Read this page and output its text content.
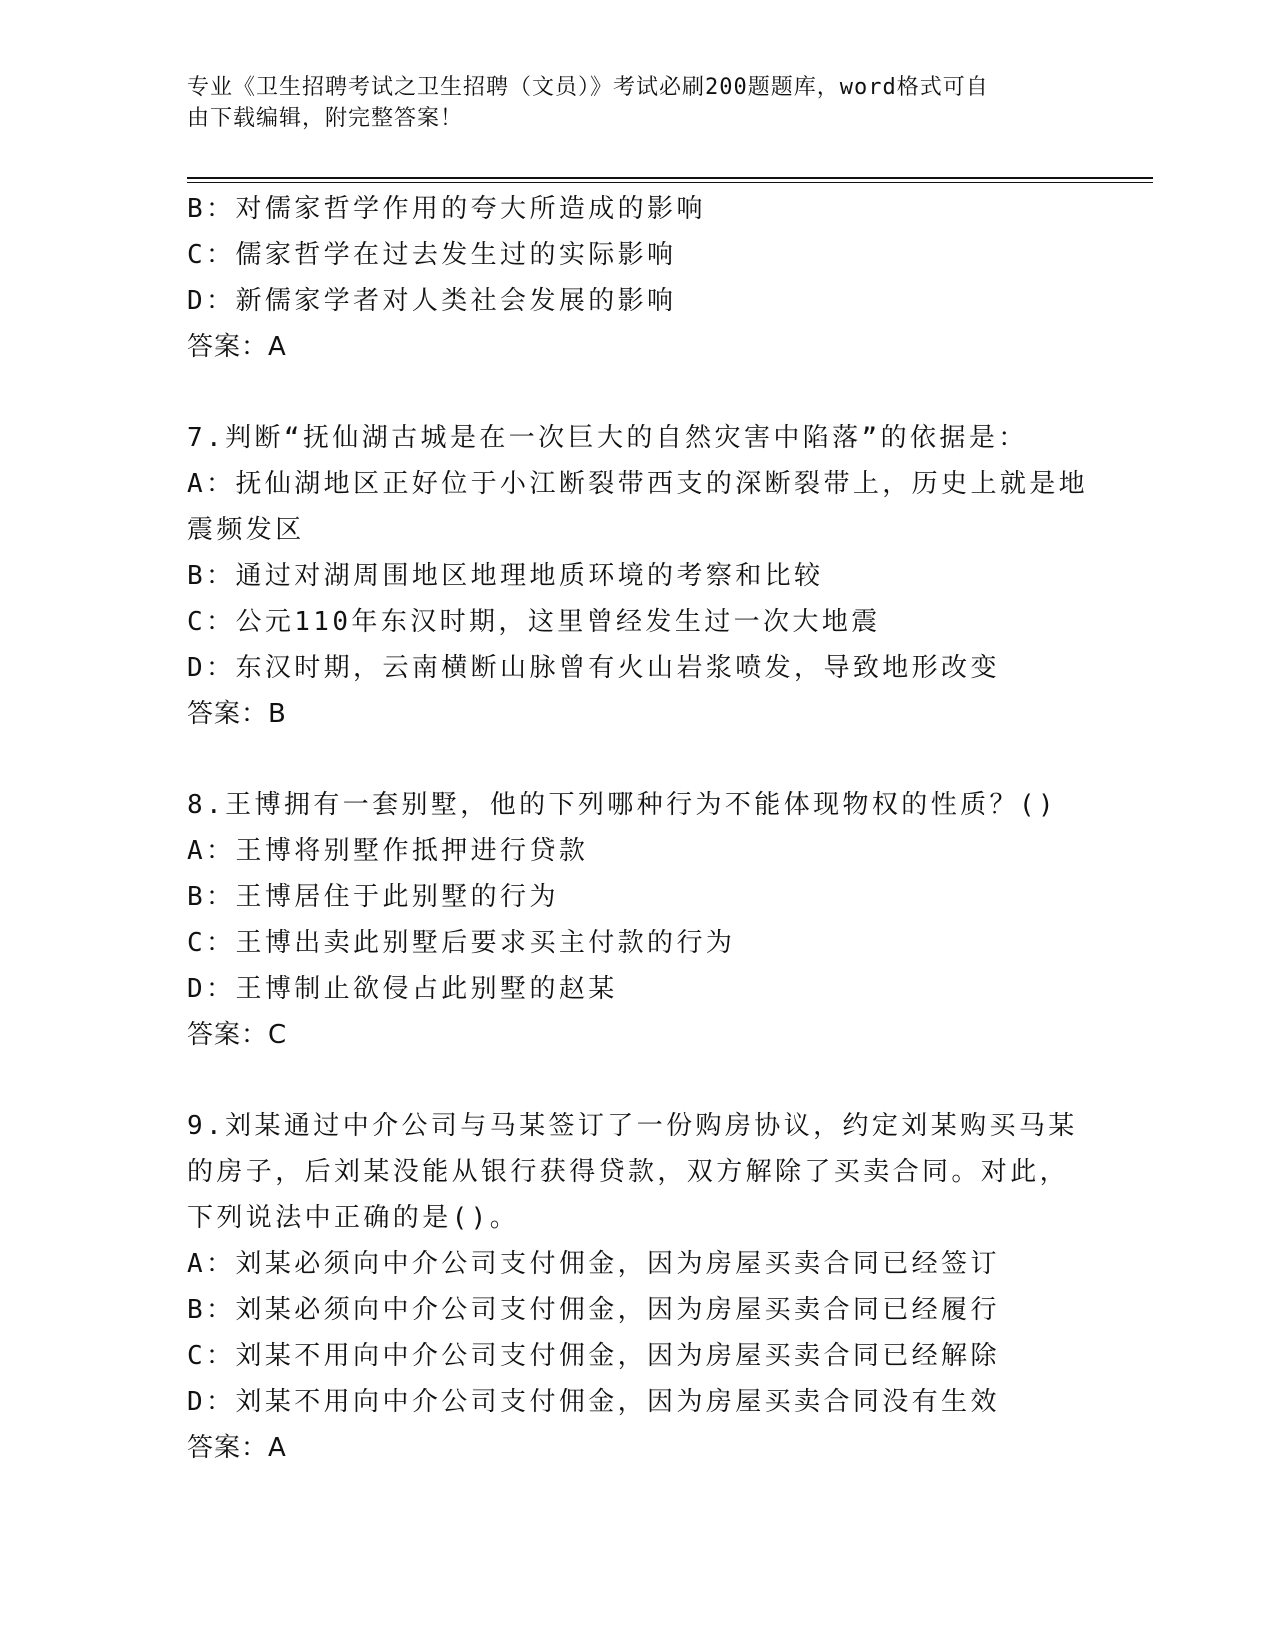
专业《卫生招聘考试之卫生招聘（文员）》考试必刷200题题库，word格式可自
由下载编辑，附完整答案！
B：对儒家哲学作用的夸大所造成的影响
C：儒家哲学在过去发生过的实际影响
D：新儒家学者对人类社会发展的影响
答案：A
7.判断“抚仙湖古城是在一次巨大的自然灾害中陷落”的依据是：
A：抚仙湖地区正好位于小江断裂带西支的深断裂带上，历史上就是地
震频发区
B：通过对湖周围地区地理地质环境的考察和比较
C：公元110年东汉时期，这里曾经发生过一次大地震
D：东汉时期，云南横断山脉曾有火山岩浆喷发，导致地形改变
答案：B
8.王博拥有一套别墅，他的下列哪种行为不能体现物权的性质？()
A：王博将别墅作抵押进行贷款
B：王博居住于此别墅的行为
C：王博出卖此别墅后要求买主付款的行为
D：王博制止欲侵占此别墅的赵某
答案：C
9.刘某通过中介公司与马某签订了一份购房协议，约定刘某购买马某
的房子，后刘某没能从银行获得贷款，双方解除了买卖合同。对此，
下列说法中正确的是()。
A：刘某必须向中介公司支付佣金，因为房屋买卖合同已经签订
B：刘某必须向中介公司支付佣金，因为房屋买卖合同已经履行
C：刘某不用向中介公司支付佣金，因为房屋买卖合同已经解除
D：刘某不用向中介公司支付佣金，因为房屋买卖合同没有生效
答案：A
